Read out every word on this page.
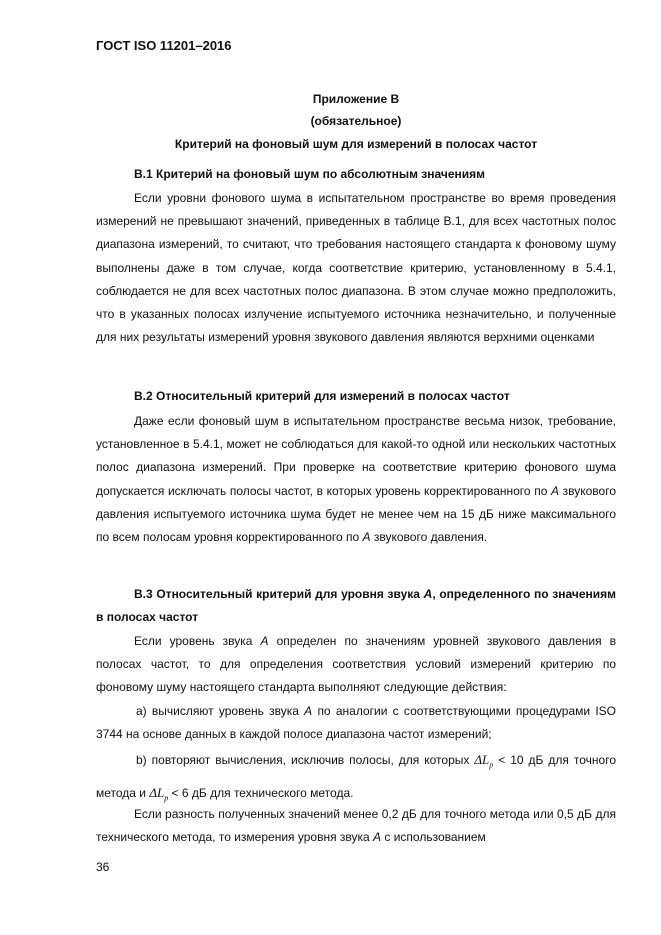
ГОСТ ISO 11201–2016
Приложение В
(обязательное)
Критерий на фоновый шум для измерений в полосах частот
В.1 Критерий на фоновый шум по абсолютным значениям

Если уровни фонового шума в испытательном пространстве во время проведения измерений не превышают значений, приведенных в таблице В.1, для всех частотных полос диапазона измерений, то считают, что требования настоящего стандарта к фоновому шуму выполнены даже в том случае, когда соответствие критерию, установленному в 5.4.1, соблюдается не для всех частотных полос диапазона. В этом случае можно предположить, что в указанных полосах излучение испытуемого источника незначительно, и полученные для них результаты измерений уровня звукового давления являются верхними оценками

В.2 Относительный критерий для измерений в полосах частот

Даже если фоновый шум в испытательном пространстве весьма низок, требование, установленное в 5.4.1, может не соблюдаться для какой-то одной или нескольких частотных полос диапазона измерений. При проверке на соответствие критерию фонового шума допускается исключать полосы частот, в которых уровень корректированного по A звукового давления испытуемого источника шума будет не менее чем на 15 дБ ниже максимального по всем полосам уровня корректированного по A звукового давления.

В.3 Относительный критерий для уровня звука A, определенного по значениям в полосах частот

Если уровень звука A определен по значениям уровней звукового давления в полосах частот, то для определения соответствия условий измерений критерию по фоновому шуму настоящего стандарта выполняют следующие действия:

a) вычисляют уровень звука A по аналогии с соответствующими процедурами ISO 3744 на основе данных в каждой полосе диапазона частот измерений;

b) повторяют вычисления, исключив полосы, для которых $\Delta L_p < 10$ дБ для точного метода и $\Delta L_p < 6$ дБ для технического метода.

Если разность полученных значений менее 0,2 дБ для точного метода или 0,5 дБ для технического метода, то измерения уровня звука A с использованием

36
